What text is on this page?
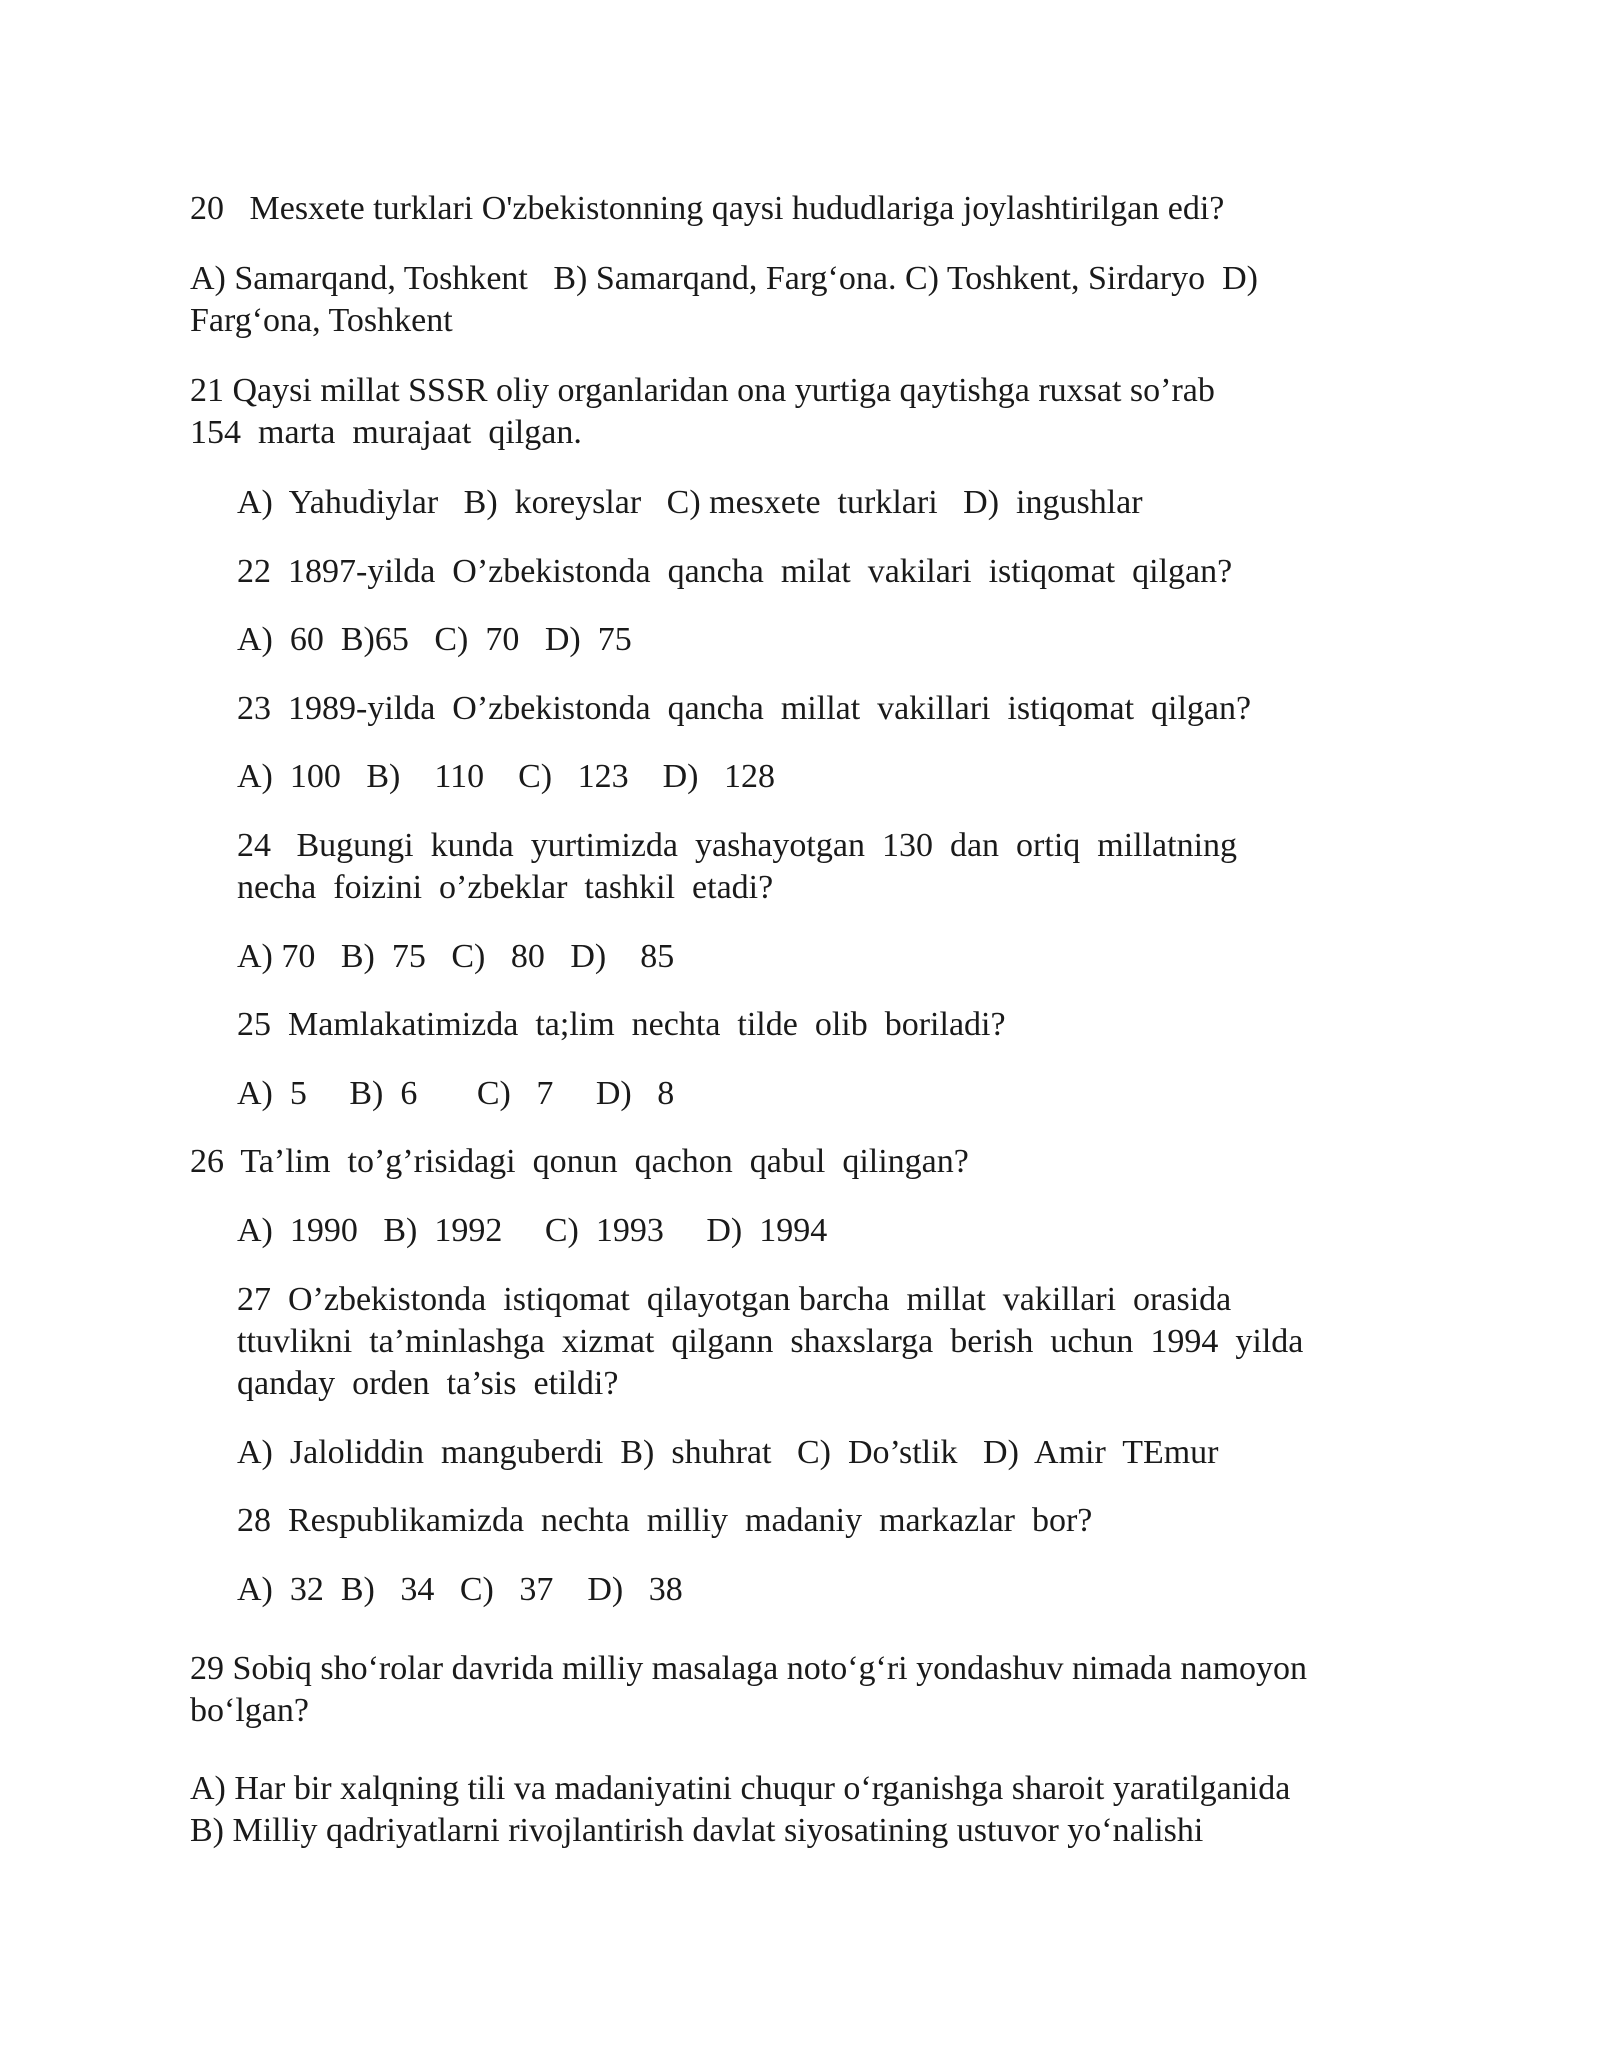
20   Mesxete turklari O'zbekistonning qaysi hududlariga joylashtirilgan edi?

A) Samarqand, Toshkent   B) Samarqand, Farg‘ona. C) Toshkent, Sirdaryo  D)

Farg‘ona, Toshkent

21 Qaysi millat SSSR oliy organlaridan ona yurtiga qaytishga ruxsat so’rab

154  marta  murajaat  qilgan.

A)  Yahudiylar   B)  koreyslar   C) mesxete  turklari   D)  ingushlar

22  1897-yilda  O’zbekistonda  qancha  milat  vakilari  istiqomat  qilgan?

A)  60  B)65   C)  70   D)  75

23  1989-yilda  O’zbekistonda  qancha  millat  vakillari  istiqomat  qilgan?

A)  100   B)    110    C)   123    D)   128

24   Bugungi  kunda  yurtimizda  yashayotgan  130  dan  ortiq  millatning

necha  foizini  o’zbeklar  tashkil  etadi?

A) 70   B)  75   C)   80   D)    85

25  Mamlakatimizda  ta;lim  nechta  tilde  olib  boriladi?

A)  5     B)  6       C)   7     D)   8

26  Ta’lim  to’g’risidagi  qonun  qachon  qabul  qilingan?

A)  1990   B)  1992     C)  1993     D)  1994

27  O’zbekistonda  istiqomat  qilayotgan barcha  millat  vakillari  orasida

ttuvlikni  ta’minlashga  xizmat  qilgann  shaxslarga  berish  uchun  1994  yilda

qanday  orden  ta’sis  etildi?

A)  Jaloliddin  manguberdi  B)  shuhrat   C)  Do’stlik   D)  Amir  TEmur

28  Respublikamizda  nechta  milliy  madaniy  markazlar  bor?

A)  32  B)   34   C)   37    D)   38

29 Sobiq sho‘rolar davrida milliy masalaga noto‘g‘ri yondashuv nimada namoyon

bo‘lgan?

A) Har bir xalqning tili va madaniyatini chuqur o‘rganishga sharoit yaratilganida

B) Milliy qadriyatlarni rivojlantirish davlat siyosatining ustuvor yo‘nalishi
